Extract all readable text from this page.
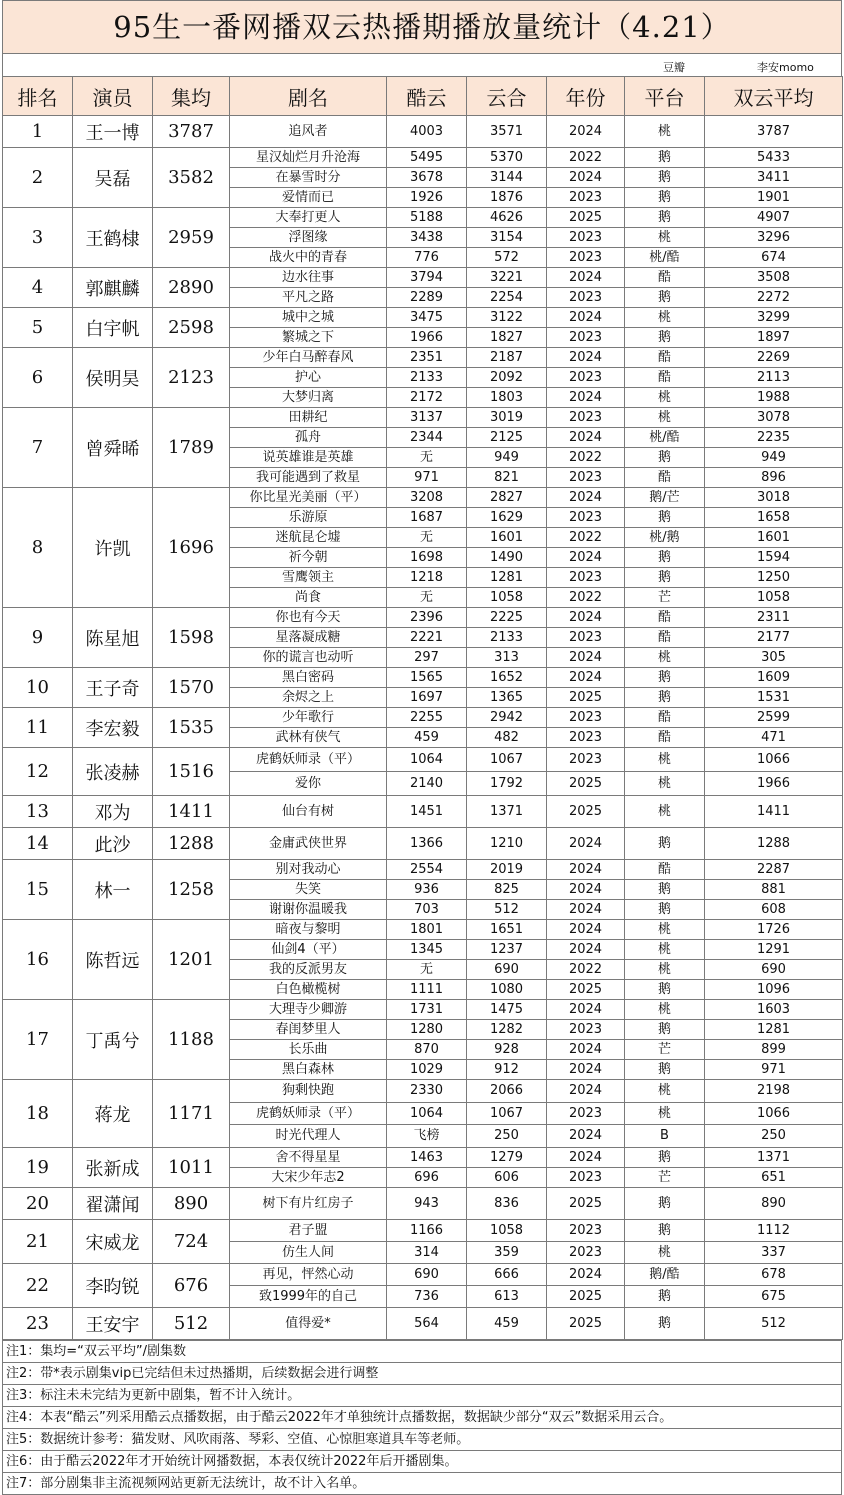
95生一番网播双云热播期播放量统计（4.21）
豆瓣	李安momo
排名	演员	集均	剧名	酷云	云合	年份	平台	双云平均
1	王一博	3787	追风者	4003	3571	2024	桃	3787
2	吴磊	3582	星汉灿烂月升沧海	5495	5370	2022	鹅	5433
			在暴雪时分	3678	3144	2024	鹅	3411
			爱情而已	1926	1876	2023	鹅	1901
3	王鹤棣	2959	大奉打更人	5188	4626	2025	鹅	4907
			浮图缘	3438	3154	2023	桃	3296
			战火中的青春	776	572	2023	桃/酷	674
4	郭麒麟	2890	边水往事	3794	3221	2024	酷	3508
			平凡之路	2289	2254	2023	鹅	2272
5	白宇帆	2598	城中之城	3475	3122	2024	桃	3299
			繁城之下	1966	1827	2023	鹅	1897
6	侯明昊	2123	少年白马醉春风	2351	2187	2024	酷	2269
			护心	2133	2092	2023	酷	2113
			大梦归离	2172	1803	2024	桃	1988
7	曾舜晞	1789	田耕纪	3137	3019	2023	桃	3078
			孤舟	2344	2125	2024	桃/酷	2235
			说英雄谁是英雄	无	949	2022	鹅	949
			我可能遇到了救星	971	821	2023	酷	896
8	许凯	1696	你比星光美丽（平）	3208	2827	2024	鹅/芒	3018
			乐游原	1687	1629	2023	鹅	1658
			迷航昆仑墟	无	1601	2022	桃/鹅	1601
			祈今朝	1698	1490	2024	鹅	1594
			雪鹰领主	1218	1281	2023	鹅	1250
			尚食	无	1058	2022	芒	1058
9	陈星旭	1598	你也有今天	2396	2225	2024	酷	2311
			星落凝成糖	2221	2133	2023	酷	2177
			你的谎言也动听	297	313	2024	桃	305
10	王子奇	1570	黑白密码	1565	1652	2024	鹅	1609
			余烬之上	1697	1365	2025	鹅	1531
11	李宏毅	1535	少年歌行	2255	2942	2023	酷	2599
			武林有侠气	459	482	2023	酷	471
12	张凌赫	1516	虎鹤妖师录（平）	1064	1067	2023	桃	1066
			爱你	2140	1792	2025	桃	1966
13	邓为	1411	仙台有树	1451	1371	2025	桃	1411
14	此沙	1288	金庸武侠世界	1366	1210	2024	鹅	1288
15	林一	1258	别对我动心	2554	2019	2024	酷	2287
			失笑	936	825	2024	鹅	881
			谢谢你温暖我	703	512	2024	鹅	608
16	陈哲远	1201	暗夜与黎明	1801	1651	2024	桃	1726
			仙剑4（平）	1345	1237	2024	桃	1291
			我的反派男友	无	690	2022	桃	690
			白色橄榄树	1111	1080	2025	鹅	1096
17	丁禹兮	1188	大理寺少卿游	1731	1475	2024	桃	1603
			春闺梦里人	1280	1282	2023	鹅	1281
			长乐曲	870	928	2024	芒	899
			黑白森林	1029	912	2024	鹅	971
18	蒋龙	1171	狗剩快跑	2330	2066	2024	桃	2198
			虎鹤妖师录（平）	1064	1067	2023	桃	1066
			时光代理人	飞榜	250	2024	B	250
19	张新成	1011	舍不得星星	1463	1279	2024	鹅	1371
			大宋少年志2	696	606	2023	芒	651
20	翟潇闻	890	树下有片红房子	943	836	2025	鹅	890
21	宋威龙	724	君子盟	1166	1058	2023	鹅	1112
			仿生人间	314	359	2023	桃	337
22	李昀锐	676	再见，怦然心动	690	666	2024	鹅/酷	678
			致1999年的自己	736	613	2025	鹅	675
23	王安宇	512	值得爱*	564	459	2025	鹅	512
注1：集均=“双云平均”/剧集数
注2：带*表示剧集vip已完结但未过热播期，后续数据会进行调整
注3：标注未未完结为更新中剧集，暂不计入统计。
注4：本表“酷云”列采用酷云点播数据，由于酷云2022年才单独统计点播数据，数据缺少部分“双云”数据采用云合。
注5：数据统计参考：猫发财、风吹雨落、琴彩、空值、心惊胆寒道具车等老师。
注6：由于酷云2022年才开始统计网播数据，本表仅统计2022年后开播剧集。
注7：部分剧集非主流视频网站更新无法统计，故不计入名单。
